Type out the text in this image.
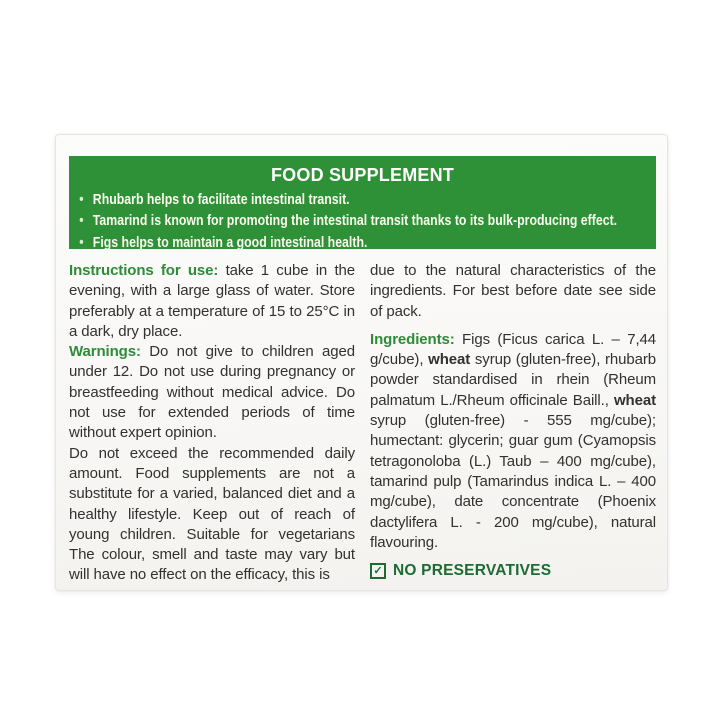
FOOD SUPPLEMENT
• Rhubarb helps to facilitate intestinal transit.
• Tamarind is known for promoting the intestinal transit thanks to its bulk-producing effect.
• Figs helps to maintain a good intestinal health.

Instructions for use: take 1 cube in the evening, with a large glass of water. Store preferably at a temperature of 15 to 25°C in a dark, dry place.

Warnings: Do not give to children aged under 12. Do not use during pregnancy or breastfeeding without medical advice. Do not use for extended periods of time without expert opinion.

Do not exceed the recommended daily amount. Food supplements are not a substitute for a varied, balanced diet and a healthy lifestyle. Keep out of reach of young children. Suitable for vegetarians The colour, smell and taste may vary but will have no effect on the efficacy, this is

due to the natural characteristics of the ingredients. For best before date see side of pack.

Ingredients: Figs (Ficus carica L. – 7,44 g/cube), wheat syrup (gluten-free), rhubarb powder standardised in rhein (Rheum palmatum L./Rheum officinale Baill., wheat syrup (gluten-free) - 555 mg/cube); humectant: glycerin; guar gum (Cyamopsis tetragonoloba (L.) Taub – 400 mg/cube), tamarind pulp (Tamarindus indica L. – 400 mg/cube), date concentrate (Phoenix dactylifera L. - 200 mg/cube), natural flavouring.

✓ NO PRESERVATIVES
